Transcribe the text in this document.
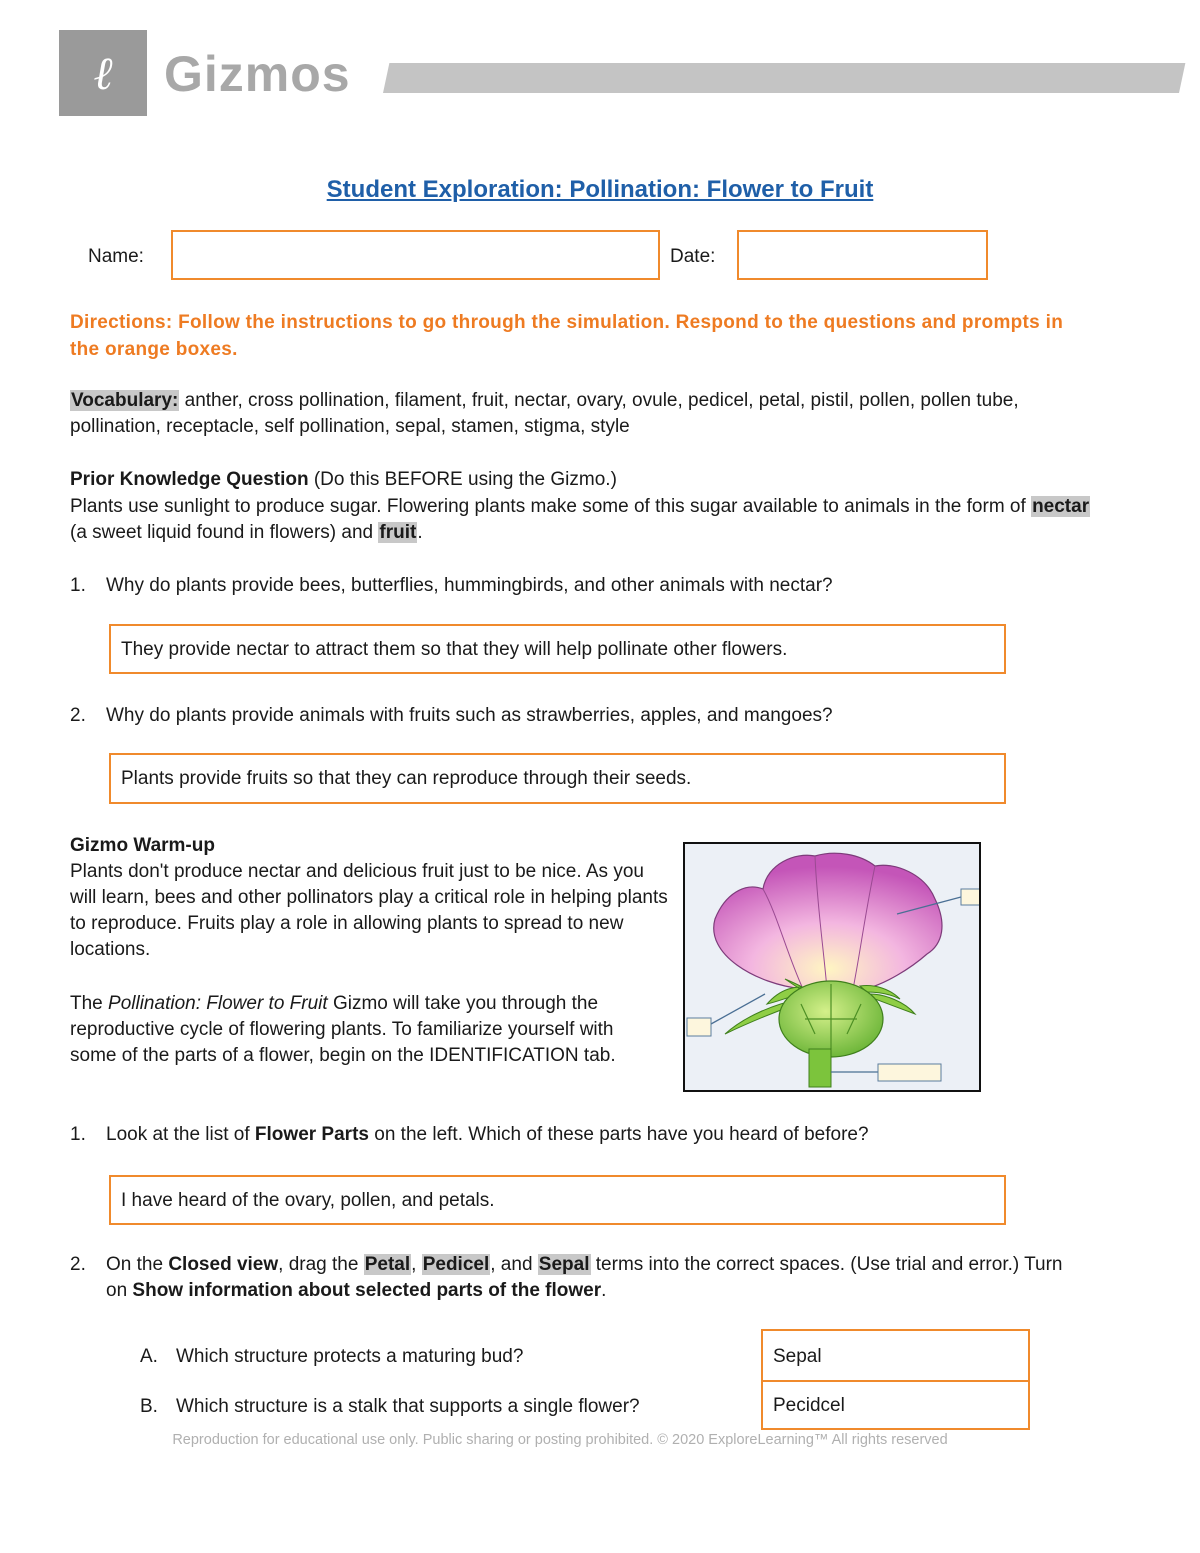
ℓ	Gizmos
Student Exploration: Pollination: Flower to Fruit
Name:	Date:
Directions: Follow the instructions to go through the simulation. Respond to the questions and prompts in the orange boxes.
Vocabulary: anther, cross pollination, filament, fruit, nectar, ovary, ovule, pedicel, petal, pistil, pollen, pollen tube, pollination, receptacle, self pollination, sepal, stamen, stigma, style
Prior Knowledge Question (Do this BEFORE using the Gizmo.)
Plants use sunlight to produce sugar. Flowering plants make some of this sugar available to animals in the form of nectar (a sweet liquid found in flowers) and fruit.
1. Why do plants provide bees, butterflies, hummingbirds, and other animals with nectar?
They provide nectar to attract them so that they will help pollinate other flowers.
2. Why do plants provide animals with fruits such as strawberries, apples, and mangoes?
Plants provide fruits so that they can reproduce through their seeds.
Gizmo Warm-up
Plants don't produce nectar and delicious fruit just to be nice. As you will learn, bees and other pollinators play a critical role in helping plants to reproduce. Fruits play a role in allowing plants to spread to new locations.
The Pollination: Flower to Fruit Gizmo will take you through the reproductive cycle of flowering plants. To familiarize yourself with some of the parts of a flower, begin on the IDENTIFICATION tab.
1. Look at the list of Flower Parts on the left. Which of these parts have you heard of before?
I have heard of the ovary, pollen, and petals.
2. On the Closed view, drag the Petal, Pedicel, and Sepal terms into the correct spaces. (Use trial and error.) Turn on Show information about selected parts of the flower.
A. Which structure protects a maturing bud?	Sepal
B. Which structure is a stalk that supports a single flower?	Pecidcel
Reproduction for educational use only. Public sharing or posting prohibited. © 2020 ExploreLearning™ All rights reserved
